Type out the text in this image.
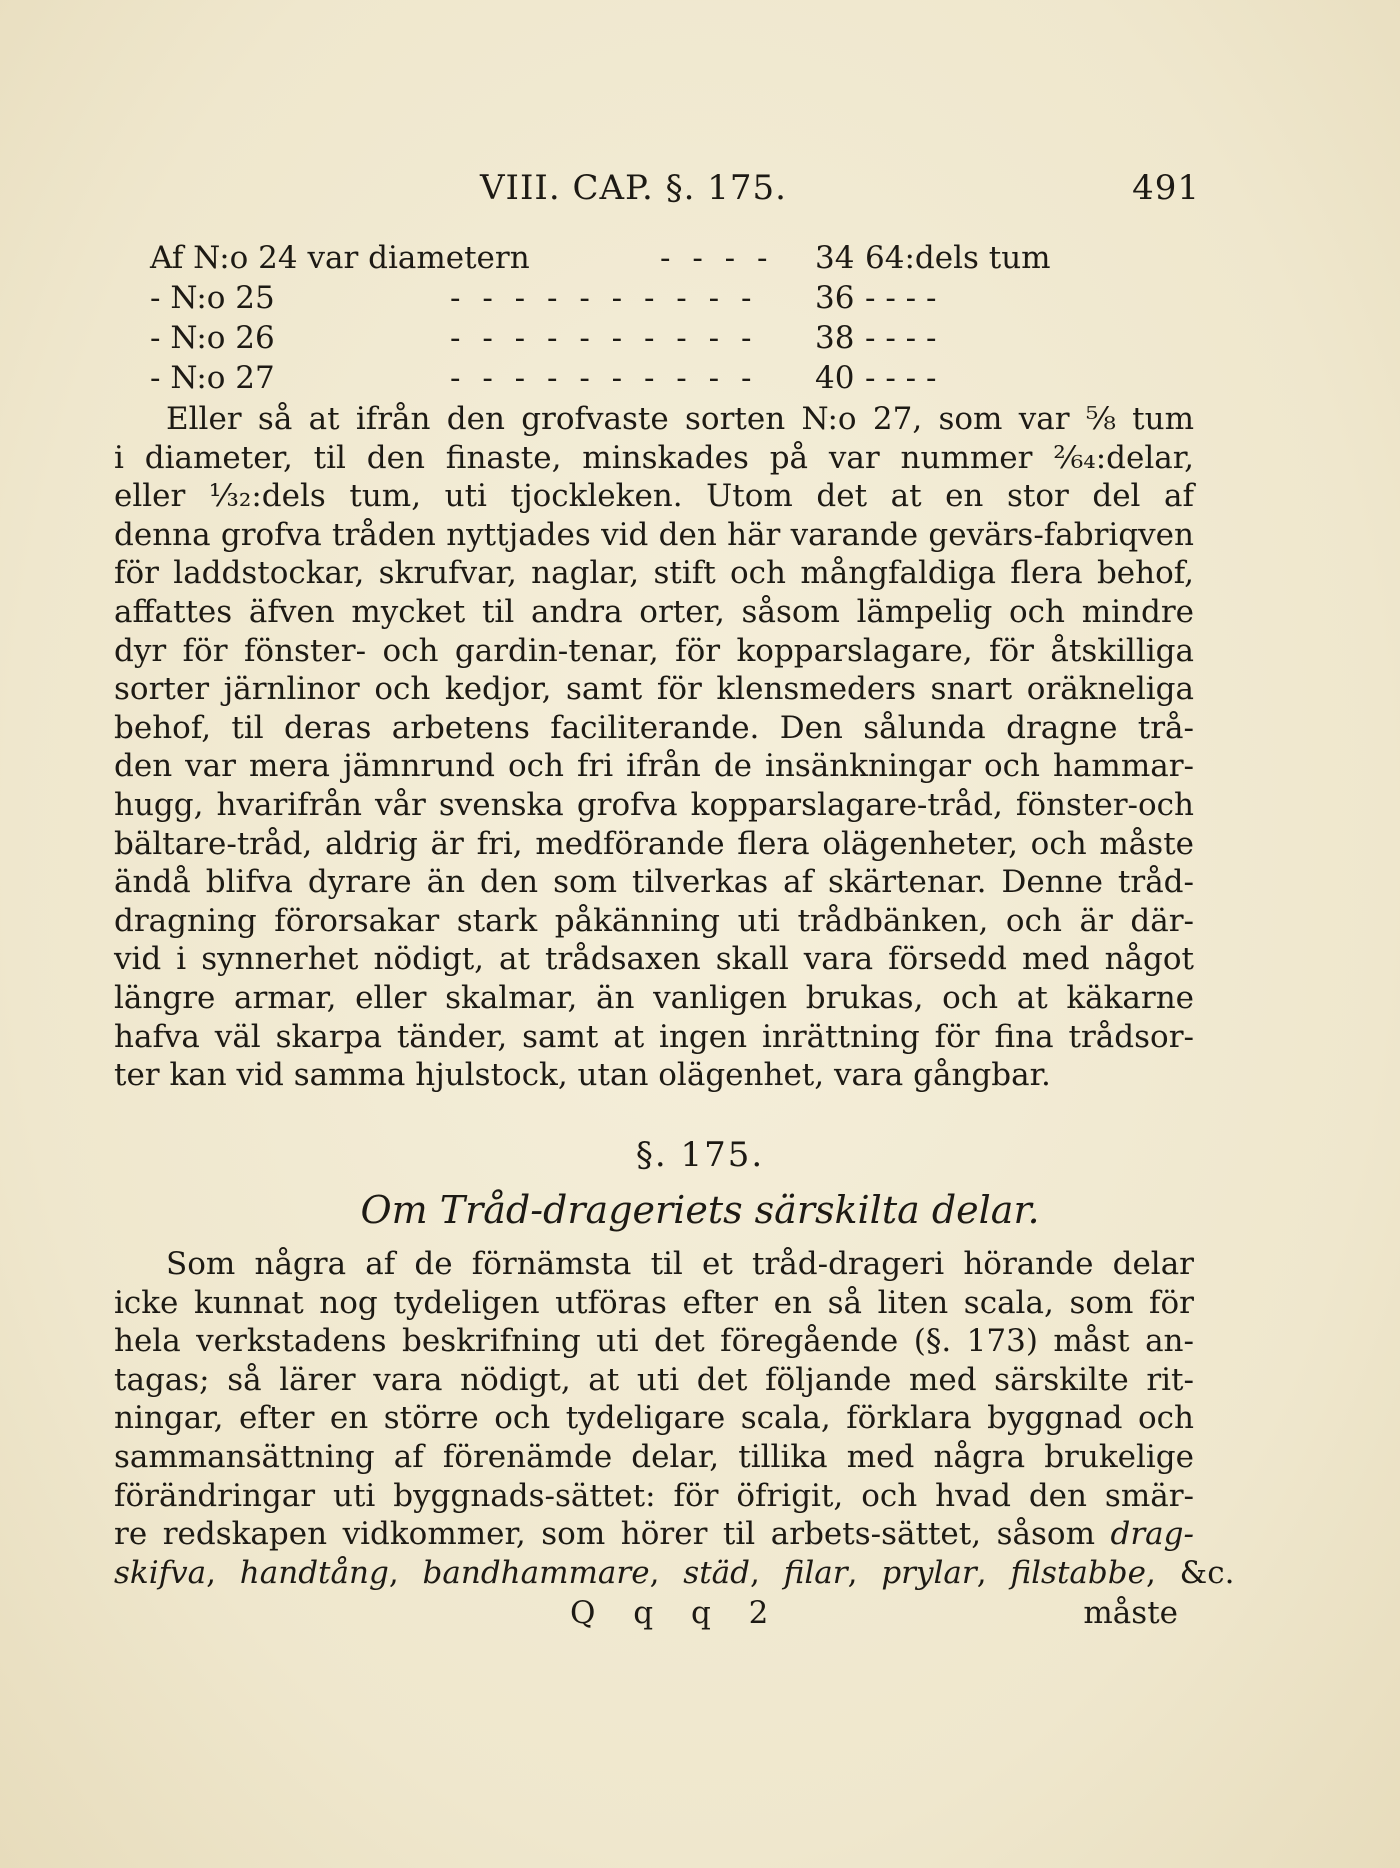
VIII. CAP. §. 175.	491
Af N:o 24 var diametern	- - - - 34 64:dels tum
- N:o 25	- - - - - - - - - - 36 - - - -
- N:o 26	- - - - - - - - - - 38 - - - -
- N:o 27	- - - - - - - - - - 40 - - - -
Eller så at ifrån den grofvaste sorten N:o 27, som var ⅝ tum
i diameter, til den finaste, minskades på var nummer ²⁄₆₄:delar,
eller ¹⁄₃₂:dels tum, uti tjockleken. Utom det at en stor del af
denna grofva tråden nyttjades vid den här varande gevärs-fabriqven
för laddstockar, skrufvar, naglar, stift och mångfaldiga flera behof,
affattes äfven mycket til andra orter, såsom lämpelig och mindre
dyr för fönster- och gardin-tenar, för kopparslagare, för åtskilliga
sorter järnlinor och kedjor, samt för klensmeders snart oräkneliga
behof, til deras arbetens faciliterande. Den sålunda dragne trå-
den var mera jämnrund och fri ifrån de insänkningar och hammar-
hugg, hvarifrån vår svenska grofva kopparslagare-tråd, fönster-och
bältare-tråd, aldrig är fri, medförande flera olägenheter, och måste
ändå blifva dyrare än den som tilverkas af skärtenar. Denne tråd-
dragning förorsakar stark påkänning uti trådbänken, och är där-
vid i synnerhet nödigt, at trådsaxen skall vara försedd med något
längre armar, eller skalmar, än vanligen brukas, och at käkarne
hafva väl skarpa tänder, samt at ingen inrättning för fina trådsor-
ter kan vid samma hjulstock, utan olägenhet, vara gångbar.
§. 175.
Om Tråd-drageriets särskilta delar.
Som några af de förnämsta til et tråd-drageri hörande delar
icke kunnat nog tydeligen utföras efter en så liten scala, som för
hela verkstadens beskrifning uti det föregående (§. 173) måst an-
tagas; så lärer vara nödigt, at uti det följande med särskilte rit-
ningar, efter en större och tydeligare scala, förklara byggnad och
sammansättning af förenämde delar, tillika med några brukelige
förändringar uti byggnads-sättet: för öfrigit, och hvad den smär-
re redskapen vidkommer, som hörer til arbets-sättet, såsom drag-
skifva, handtång, bandhammare, städ, filar, prylar, filstabbe, &c.
Q q q 2	måste
